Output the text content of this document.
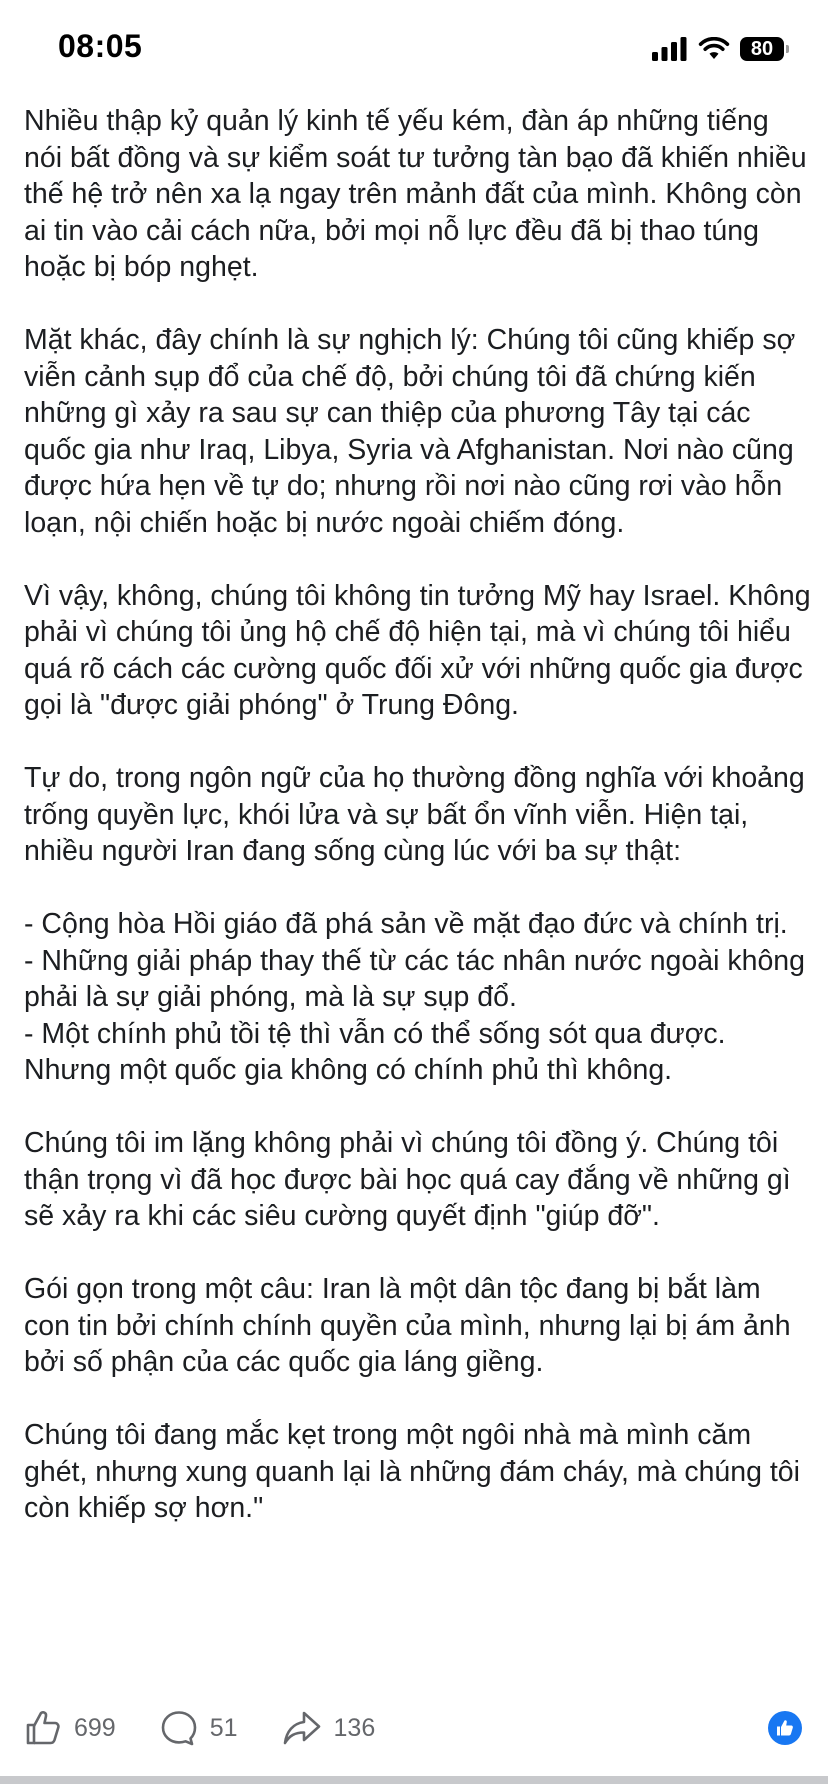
08:05	80

Nhiều thập kỷ quản lý kinh tế yếu kém, đàn áp những tiếng nói bất đồng và sự kiểm soát tư tưởng tàn bạo đã khiến nhiều thế hệ trở nên xa lạ ngay trên mảnh đất của mình. Không còn ai tin vào cải cách nữa, bởi mọi nỗ lực đều đã bị thao túng hoặc bị bóp nghẹt.

Mặt khác, đây chính là sự nghịch lý: Chúng tôi cũng khiếp sợ viễn cảnh sụp đổ của chế độ, bởi chúng tôi đã chứng kiến những gì xảy ra sau sự can thiệp của phương Tây tại các quốc gia như Iraq, Libya, Syria và Afghanistan. Nơi nào cũng được hứa hẹn về tự do; nhưng rồi nơi nào cũng rơi vào hỗn loạn, nội chiến hoặc bị nước ngoài chiếm đóng.

Vì vậy, không, chúng tôi không tin tưởng Mỹ hay Israel. Không phải vì chúng tôi ủng hộ chế độ hiện tại, mà vì chúng tôi hiểu quá rõ cách các cường quốc đối xử với những quốc gia được gọi là "được giải phóng" ở Trung Đông.

Tự do, trong ngôn ngữ của họ thường đồng nghĩa với khoảng trống quyền lực, khói lửa và sự bất ổn vĩnh viễn. Hiện tại, nhiều người Iran đang sống cùng lúc với ba sự thật:

- Cộng hòa Hồi giáo đã phá sản về mặt đạo đức và chính trị.
- Những giải pháp thay thế từ các tác nhân nước ngoài không phải là sự giải phóng, mà là sự sụp đổ.
- Một chính phủ tồi tệ thì vẫn có thể sống sót qua được. Nhưng một quốc gia không có chính phủ thì không.

Chúng tôi im lặng không phải vì chúng tôi đồng ý. Chúng tôi thận trọng vì đã học được bài học quá cay đắng về những gì sẽ xảy ra khi các siêu cường quyết định "giúp đỡ".

Gói gọn trong một câu: Iran là một dân tộc đang bị bắt làm con tin bởi chính chính quyền của mình, nhưng lại bị ám ảnh bởi số phận của các quốc gia láng giềng.

Chúng tôi đang mắc kẹt trong một ngôi nhà mà mình căm ghét, nhưng xung quanh lại là những đám cháy, mà chúng tôi còn khiếp sợ hơn."

699	51	136
